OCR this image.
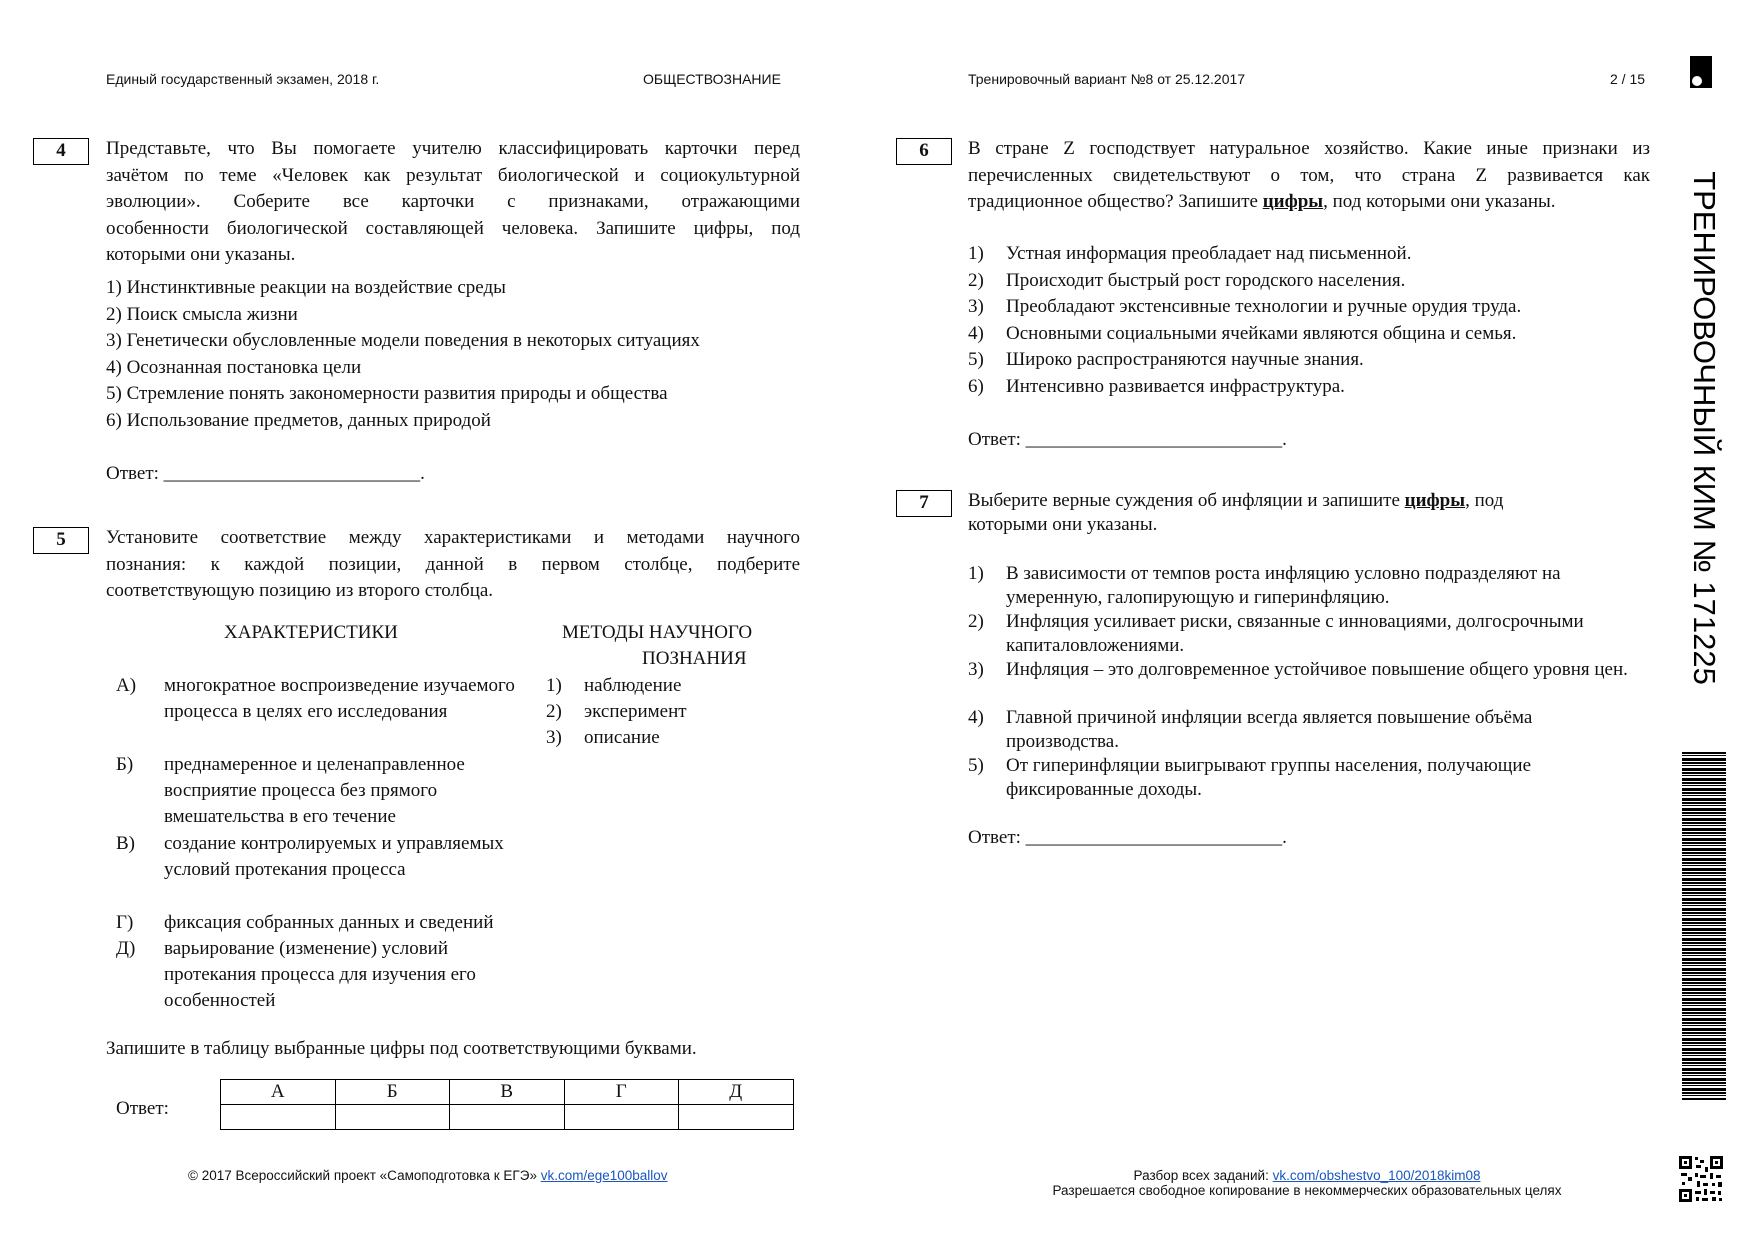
Единый государственный экзамен, 2018 г.	ОБЩЕСТВОЗНАНИЕ	Тренировочный вариант №8 от 25.12.2017	2 / 15
ТРЕНИРОВОЧНЫЙ КИМ № 171225
4	Представьте, что Вы помогаете учителю классифицировать карточки перед
зачётом по теме «Человек как результат биологической и социокультурной
эволюции». Соберите все карточки с признаками, отражающими
особенности биологической составляющей человека. Запишите цифры, под
которыми они указаны.
1) Инстинктивные реакции на воздействие среды
2) Поиск смысла жизни
3) Генетически обусловленные модели поведения в некоторых ситуациях
4) Осознанная постановка цели
5) Стремление понять закономерности развития природы и общества
6) Использование предметов, данных природой
Ответ: ___________________________.
5	Установите соответствие между характеристиками и методами научного
познания: к каждой позиции, данной в первом столбце, подберите
соответствующую позицию из второго столбца.
ХАРАКТЕРИСТИКИ	МЕТОДЫ НАУЧНОГО
ПОЗНАНИЯ
А) многократное воспроизведение изучаемого процесса в целях его исследования
Б) преднамеренное и целенаправленное восприятие процесса без прямого вмешательства в его течение
В) создание контролируемых и управляемых условий протекания процесса
Г) фиксация собранных данных и сведений
Д) варьирование (изменение) условий протекания процесса для изучения его особенностей
1) наблюдение
2) эксперимент
3) описание
Запишите в таблицу выбранные цифры под соответствующими буквами.
Ответ:
А	Б	В	Г	Д

6	В стране Z господствует натуральное хозяйство. Какие иные признаки из
перечисленных свидетельствуют о том, что страна Z развивается как
традиционное общество? Запишите цифры, под которыми они указаны.
1) Устная информация преобладает над письменной.
2) Происходит быстрый рост городского населения.
3) Преобладают экстенсивные технологии и ручные орудия труда.
4) Основными социальными ячейками являются община и семья.
5) Широко распространяются научные знания.
6) Интенсивно развивается инфраструктура.
Ответ: ___________________________.
7	Выберите верные суждения об инфляции и запишите цифры, под
которыми они указаны.
1) В зависимости от темпов роста инфляцию условно подразделяют на умеренную, галопирующую и гиперинфляцию.
2) Инфляция усиливает риски, связанные с инновациями, долгосрочными капиталовложениями.
3) Инфляция – это долговременное устойчивое повышение общего уровня цен.
4) Главной причиной инфляции всегда является повышение объёма производства.
5) От гиперинфляции выигрывают группы населения, получающие фиксированные доходы.
Ответ: ___________________________.
© 2017 Всероссийский проект «Самоподготовка к ЕГЭ» vk.com/ege100ballov	Разбор всех заданий: vk.com/obshestvo_100/2018kim08
Разрешается свободное копирование в некоммерческих образовательных целях
